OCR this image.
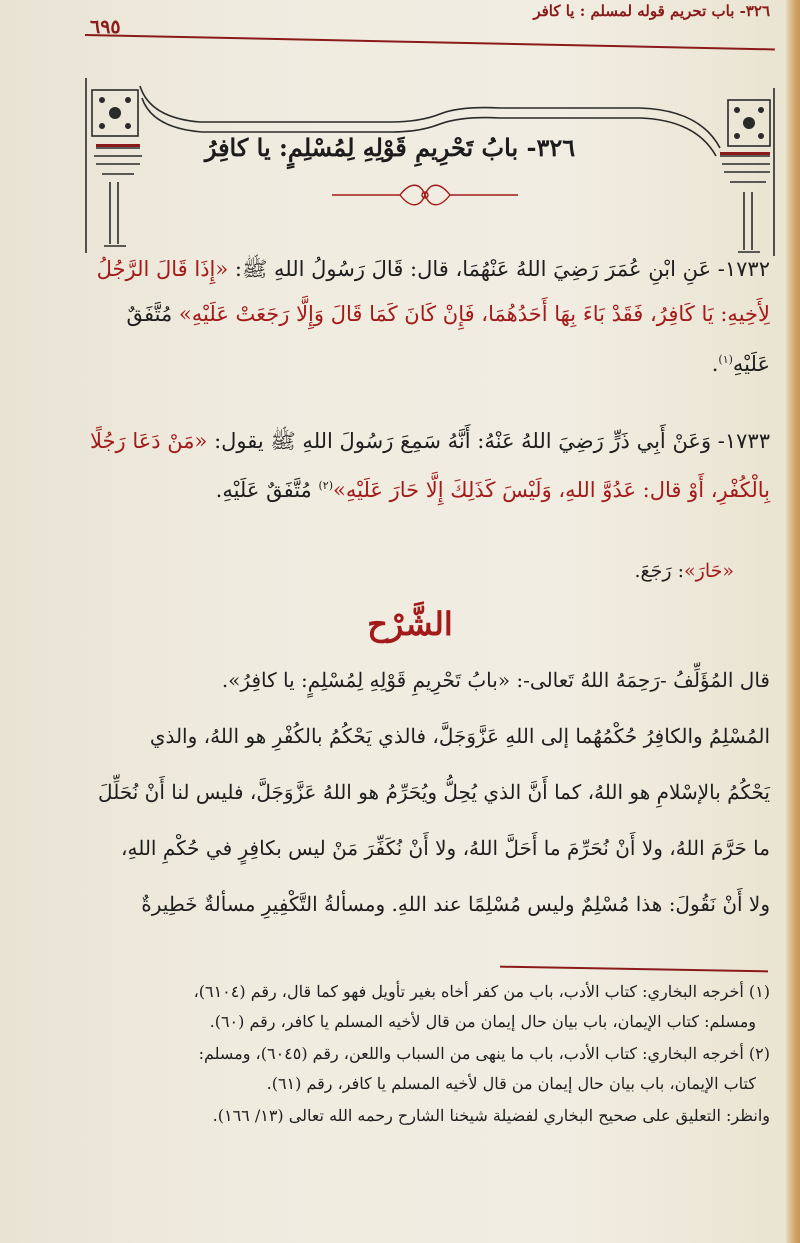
٣٢٦- باب تحريم قوله لمسلم : يا كافر
٦٩٥
٣٢٦- بابُ تَحْرِيمِ قَوْلِهِ لِمُسْلِمٍ: يا كافِرُ
١٧٣٢- عَنِ ابْنِ عُمَرَ رَضِيَ اللهُ عَنْهُمَا، قال: قَالَ رَسُولُ اللهِ ﷺ: «إِذَا قَالَ الرَّجُلُ
لِأَخِيهِ: يَا كَافِرُ، فَقَدْ بَاءَ بِهَا أَحَدُهُمَا، فَإِنْ كَانَ كَمَا قَالَ وَإِلَّا رَجَعَتْ عَلَيْهِ» مُتَّفَقٌ
عَلَيْهِ$^{(١)}$.
١٧٣٣- وَعَنْ أَبِي ذَرٍّ رَضِيَ اللهُ عَنْهُ: أَنَّهُ سَمِعَ رَسُولَ اللهِ ﷺ يقول: «مَنْ دَعَا رَجُلًا
بِالْكُفْرِ، أَوْ قال: عَدُوَّ اللهِ، وَلَيْسَ كَذَلِكَ إِلَّا حَارَ عَلَيْهِ»$^{(٢)}$ مُتَّفَقٌ عَلَيْهِ.
«حَارَ»: رَجَعَ.
الشَّرْح
قال المُؤَلِّفُ -رَحِمَهُ اللهُ تَعالى-: «بابُ تَحْرِيمِ قَوْلِهِ لِمُسْلِمٍ: يا كافِرُ».
المُسْلِمُ والكافِرُ حُكْمُهُما إلى اللهِ عَزَّوَجَلَّ، فالذي يَحْكُمُ بالكُفْرِ هو اللهُ، والذي
يَحْكُمُ بالإسْلامِ هو اللهُ، كما أَنَّ الذي يُحِلُّ ويُحَرِّمُ هو اللهُ عَزَّوَجَلَّ، فليس لنا أَنْ نُحَلِّلَ
ما حَرَّمَ اللهُ، ولا أَنْ نُحَرِّمَ ما أَحَلَّ اللهُ، ولا أَنْ نُكَفِّرَ مَنْ ليس بكافِرٍ في حُكْمِ اللهِ،
ولا أَنْ نَقُولَ: هذا مُسْلِمٌ وليس مُسْلِمًا عند اللهِ. ومسألةُ التَّكْفِيرِ مسألةٌ خَطِيرةٌ
(١) أخرجه البخاري: كتاب الأدب، باب من كفر أخاه بغير تأويل فهو كما قال، رقم (٦١٠٤)،
ومسلم: كتاب الإيمان، باب بيان حال إيمان من قال لأخيه المسلم يا كافر، رقم (٦٠).
(٢) أخرجه البخاري: كتاب الأدب، باب ما ينهى من السباب واللعن، رقم (٦٠٤٥)، ومسلم:
كتاب الإيمان، باب بيان حال إيمان من قال لأخيه المسلم يا كافر، رقم (٦١).
وانظر: التعليق على صحيح البخاري لفضيلة شيخنا الشارح رحمه الله تعالى (١٣/ ١٦٦).
